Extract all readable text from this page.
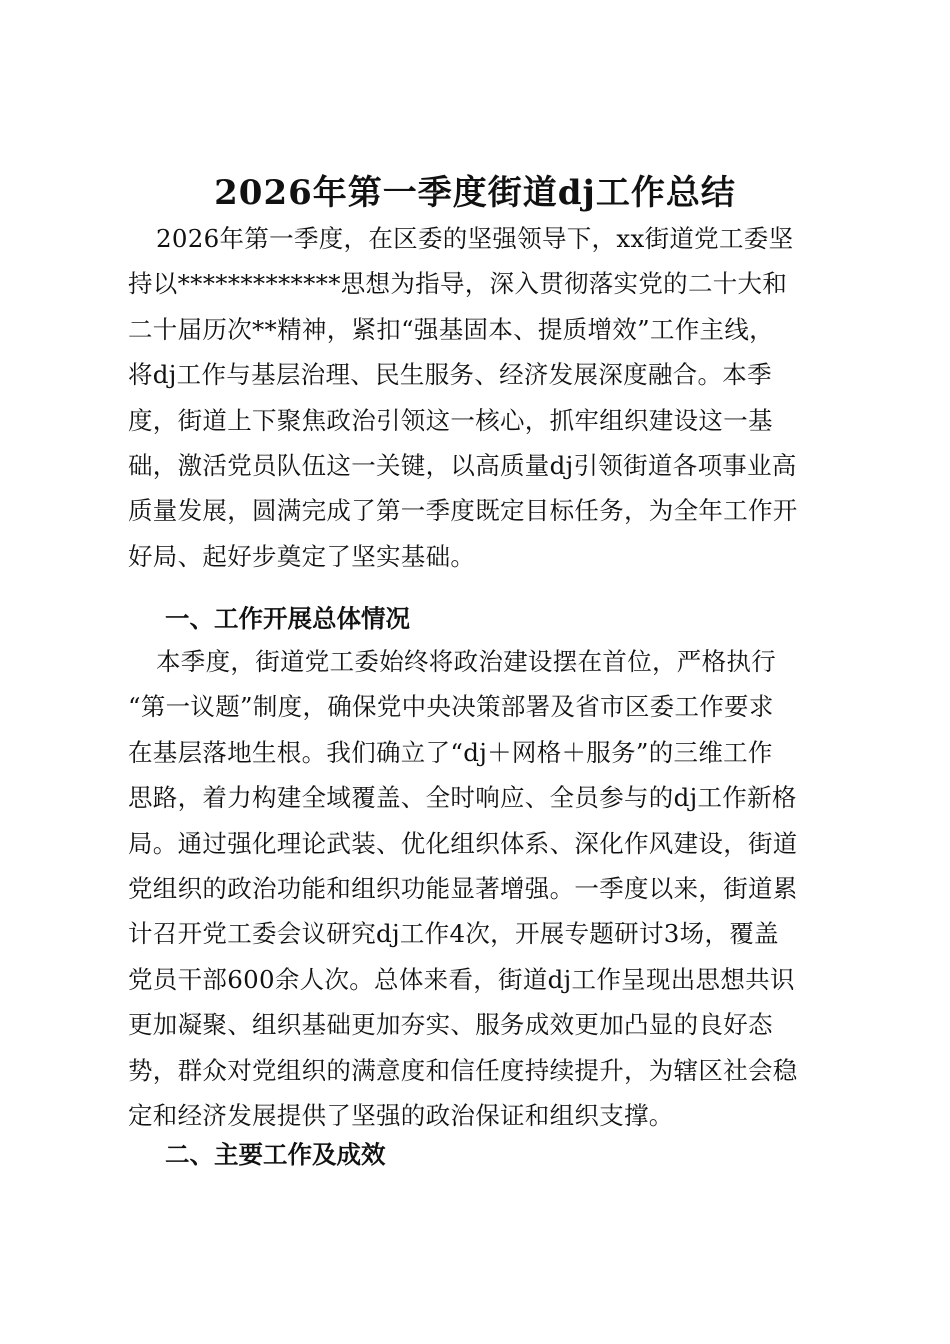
2026年第一季度街道dj工作总结
2026年第一季度，在区委的坚强领导下，xx街道党工委坚
持以*************思想为指导，深入贯彻落实党的二十大和
二十届历次**精神，紧扣“强基固本、提质增效”工作主线，
将dj工作与基层治理、民生服务、经济发展深度融合。本季
度，街道上下聚焦政治引领这一核心，抓牢组织建设这一基
础，激活党员队伍这一关键，以高质量dj引领街道各项事业高
质量发展，圆满完成了第一季度既定目标任务，为全年工作开
好局、起好步奠定了坚实基础。
一、工作开展总体情况
本季度，街道党工委始终将政治建设摆在首位，严格执行
“第一议题”制度，确保党中央决策部署及省市区委工作要求
在基层落地生根。我们确立了“dj＋网格＋服务”的三维工作
思路，着力构建全域覆盖、全时响应、全员参与的dj工作新格
局。通过强化理论武装、优化组织体系、深化作风建设，街道
党组织的政治功能和组织功能显著增强。一季度以来，街道累
计召开党工委会议研究dj工作4次，开展专题研讨3场，覆盖
党员干部600余人次。总体来看，街道dj工作呈现出思想共识
更加凝聚、组织基础更加夯实、服务成效更加凸显的良好态
势，群众对党组织的满意度和信任度持续提升，为辖区社会稳
定和经济发展提供了坚强的政治保证和组织支撑。
二、主要工作及成效
